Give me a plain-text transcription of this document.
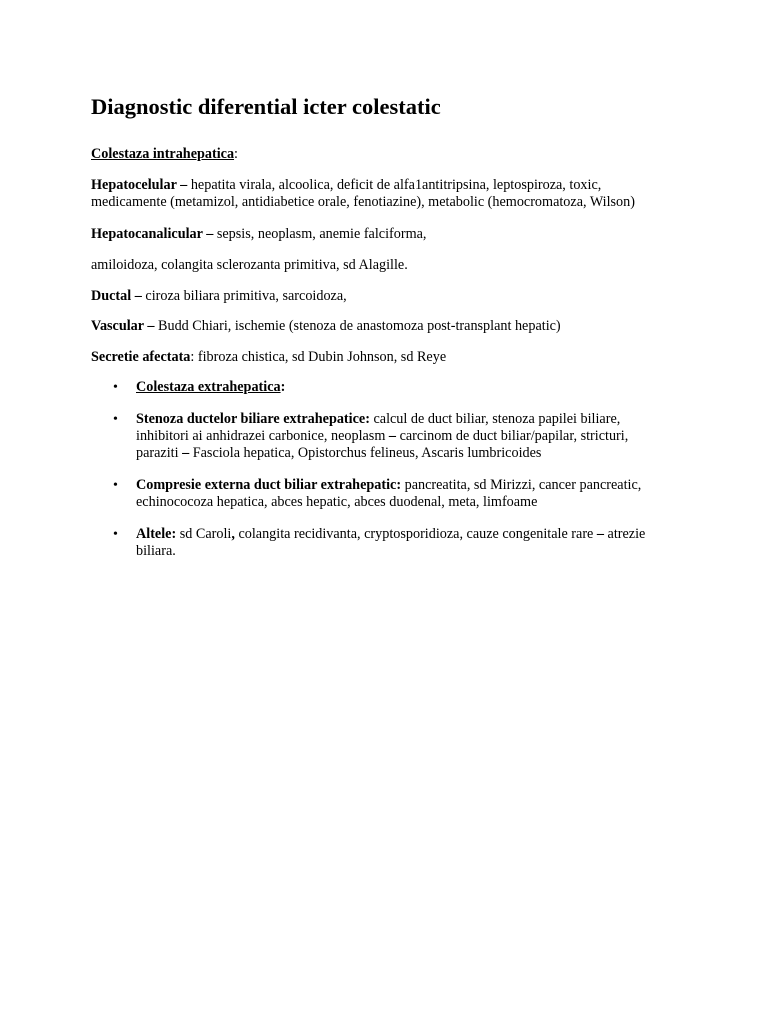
Diagnostic diferential icter colestatic
Colestaza intrahepatica:
Hepatocelular – hepatita virala, alcoolica, deficit de alfa1antitripsina, leptospiroza, toxic,
medicamente (metamizol, antidiabetice orale, fenotiazine), metabolic (hemocromatoza, Wilson)
Hepatocanalicular – sepsis, neoplasm, anemie falciforma,
amiloidoza, colangita sclerozanta primitiva, sd Alagille.
Ductal – ciroza biliara primitiva, sarcoidoza,
Vascular – Budd Chiari, ischemie (stenoza de anastomoza post-transplant hepatic)
Secretie afectata: fibroza chistica, sd Dubin Johnson, sd Reye
•	Colestaza extrahepatica:
•	Stenoza ductelor biliare extrahepatice: calcul de duct biliar, stenoza papilei biliare,
inhibitori ai anhidrazei carbonice, neoplasm – carcinom de duct biliar/papilar, stricturi,
paraziti – Fasciola hepatica, Opistorchus felineus, Ascaris lumbricoides
•	Compresie externa duct biliar extrahepatic: pancreatita, sd Mirizzi, cancer pancreatic,
echinococoza hepatica, abces hepatic, abces duodenal, meta, limfoame
•	Altele: sd Caroli, colangita recidivanta, cryptosporidioza, cauze congenitale rare – atrezie
biliara.
